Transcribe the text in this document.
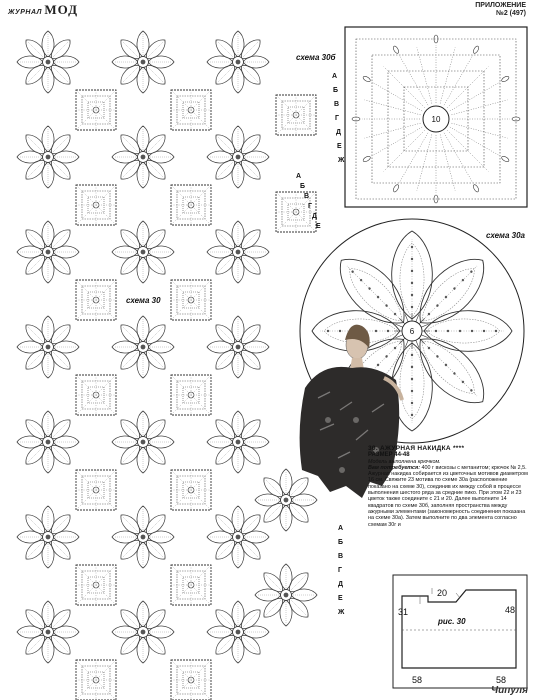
ЖУРНАЛ МОД	ПРИЛОЖЕНИЕ
№2 (497)
схема 30
схема 30б
А
Б
В
Г
Д
Е
Ж
А
Б
В
Г
Д
Е
А
Б
В
Г
Д
Е
Ж
10
6
схема 30а
20
31	48
58	58
рис. 30
30. АЖУРНАЯ НАКИДКА ****
РАЗМЕР 44-48
Модель выполнена крючком.
Вам потребуется: 400 г вискозы с метанитом; крючок № 2,5.
Ажурная накидка собирается из цветочных мотивов диаметром 16 см. Свяжите 23 мотива по схеме 30а (расположение показано на схеме 30), соединив их между собой в процессе выполнения шестого ряда за средние пико. При этом 22 и 23 цветок также соедините с 21 и 20. Далее выполните 14 квадратов по схеме 30б, заполняя пространства между ажурными элементами (закономерность соединения показана на схеме 30а). Затем выполните по два элемента согласно схемам 30г и
Чипуля
